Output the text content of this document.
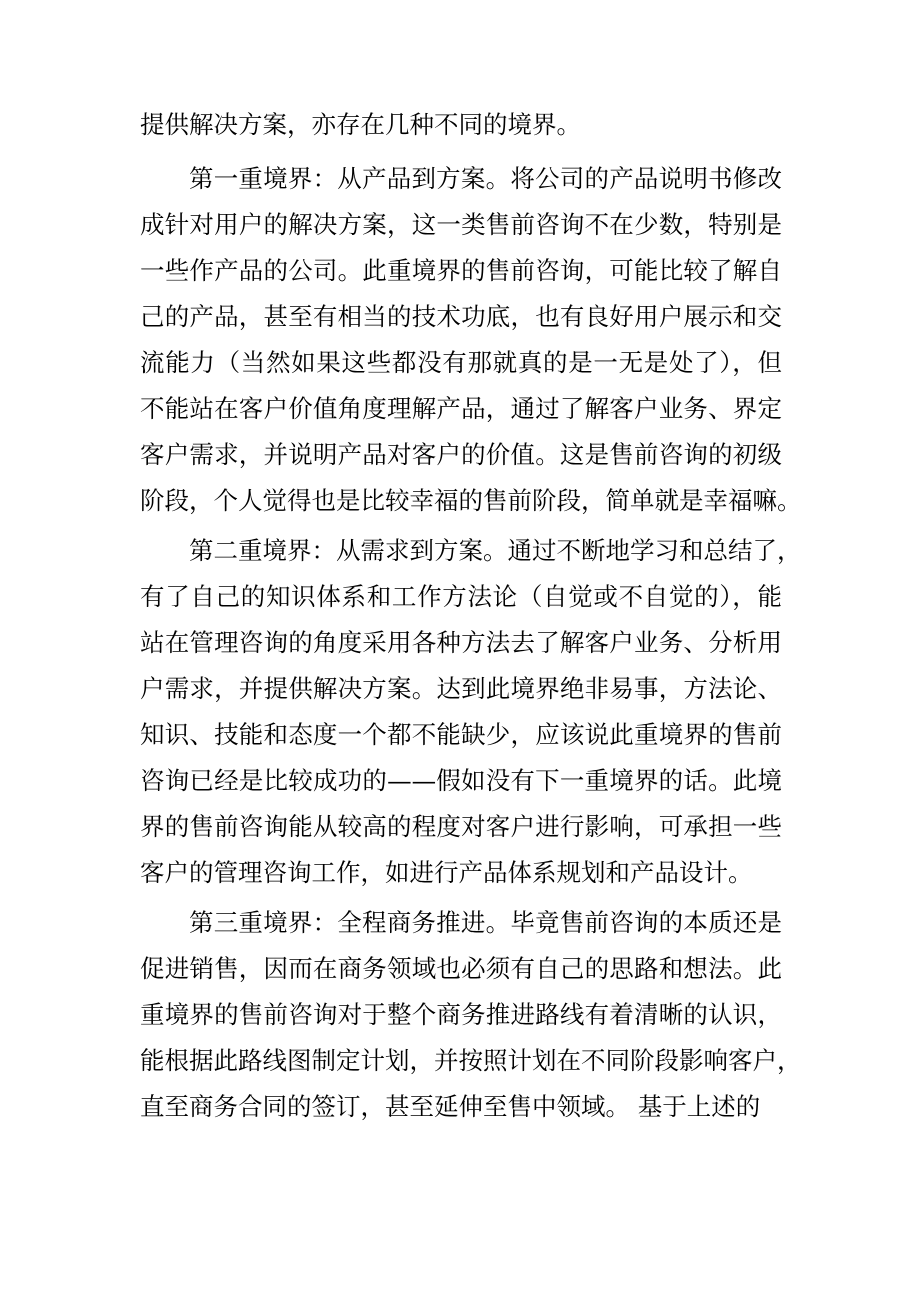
提供解决方案，亦存在几种不同的境界。

第一重境界：从产品到方案。将公司的产品说明书修改

成针对用户的解决方案，这一类售前咨询不在少数，特别是

一些作产品的公司。此重境界的售前咨询，可能比较了解自

己的产品，甚至有相当的技术功底，也有良好用户展示和交

流能力（当然如果这些都没有那就真的是一无是处了），但

不能站在客户价值角度理解产品，通过了解客户业务、界定

客户需求，并说明产品对客户的价值。这是售前咨询的初级

阶段，个人觉得也是比较幸福的售前阶段，简单就是幸福嘛。

第二重境界：从需求到方案。通过不断地学习和总结了，

有了自己的知识体系和工作方法论（自觉或不自觉的），能

站在管理咨询的角度采用各种方法去了解客户业务、分析用

户需求，并提供解决方案。达到此境界绝非易事，方法论、

知识、技能和态度一个都不能缺少，应该说此重境界的售前

咨询已经是比较成功的——假如没有下一重境界的话。此境

界的售前咨询能从较高的程度对客户进行影响，可承担一些

客户的管理咨询工作，如进行产品体系规划和产品设计。

第三重境界：全程商务推进。毕竟售前咨询的本质还是

促进销售，因而在商务领域也必须有自己的思路和想法。此

重境界的售前咨询对于整个商务推进路线有着清晰的认识，

能根据此路线图制定计划，并按照计划在不同阶段影响客户，

直至商务合同的签订，甚至延伸至售中领域。 基于上述的
